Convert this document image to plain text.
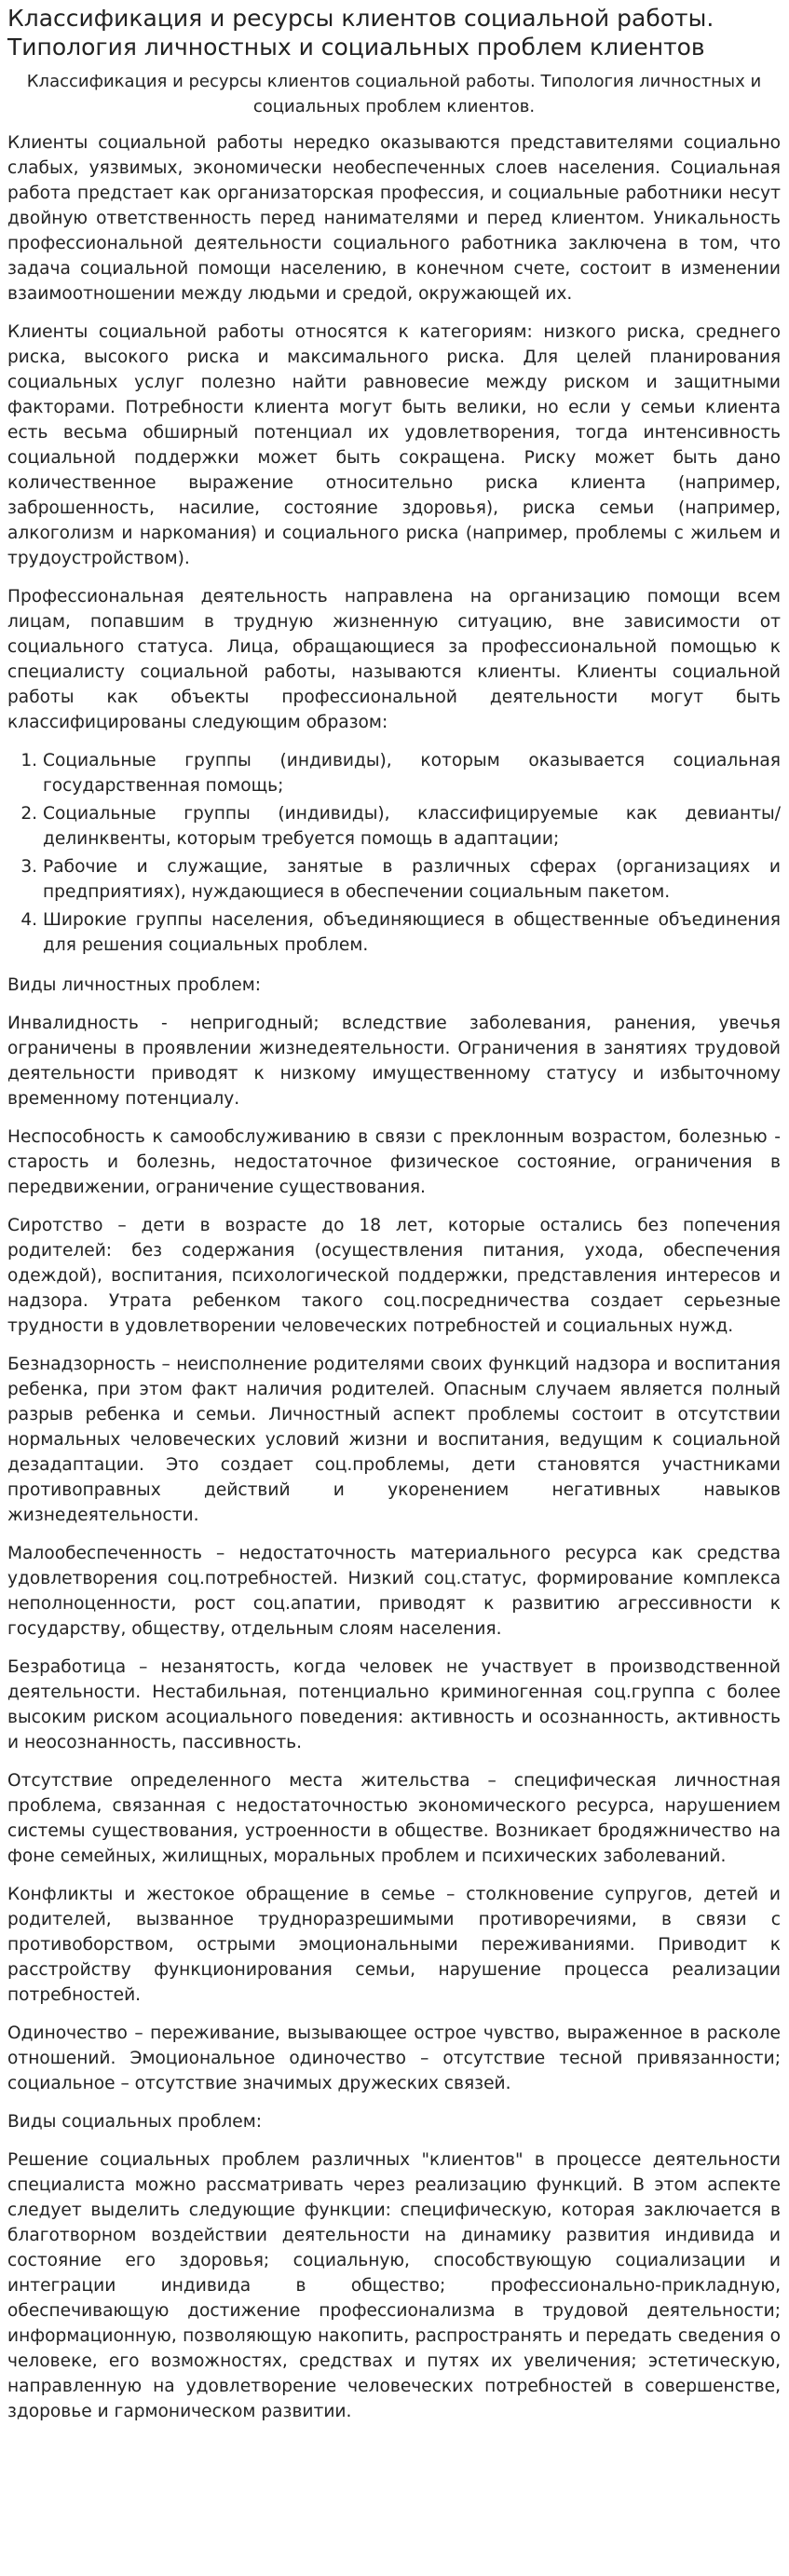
Классификация и ресурсы клиентов социальной работы. Типология личностных и социальных проблем клиентов
Классификация и ресурсы клиентов социальной работы. Типология личностных и социальных проблем клиентов.

Клиенты социальной работы нередко оказываются представителями социально слабых, уязвимых, экономически необеспеченных слоев населения. Социальная работа предстает как организаторская профессия, и социальные работники несут двойную ответственность перед нанимателями и перед клиентом. Уникальность профессиональной деятельности социального работника заключена в том, что задача социальной помощи населению, в конечном счете, состоит в изменении взаимоотношении между людьми и средой, окружающей их.

Клиенты социальной работы относятся к категориям: низкого риска, среднего риска, высокого риска и максимального риска. Для целей планирования социальных услуг полезно найти равновесие между риском и защитными факторами. Потребности клиента могут быть велики, но если у семьи клиента есть весьма обширный потенциал их удовлетворения, тогда интенсивность социальной поддержки может быть сокращена. Риску может быть дано количественное выражение относительно риска клиента (например, заброшенность, насилие, состояние здоровья), риска семьи (например, алкоголизм и наркомания) и социального риска (например, проблемы с жильем и трудоустройством).

Профессиональная деятельность направлена на организацию помощи всем лицам, попавшим в трудную жизненную ситуацию, вне зависимости от социального статуса. Лица, обращающиеся за профессиональной помощью к специалисту социальной работы, называются клиенты. Клиенты социальной работы как объекты профессиональной деятельности могут быть классифицированы следующим образом:

1. Социальные группы (индивиды), которым оказывается социальная государственная помощь;
2. Социальные группы (индивиды), классифицируемые как девианты/делинквенты, которым требуется помощь в адаптации;
3. Рабочие и служащие, занятые в различных сферах (организациях и предприятиях), нуждающиеся в обеспечении социальным пакетом.
4. Широкие группы населения, объединяющиеся в общественные объединения для решения социальных проблем.

Виды личностных проблем:

Инвалидность - непригодный; вследствие заболевания, ранения, увечья ограничены в проявлении жизнедеятельности. Ограничения в занятиях трудовой деятельности приводят к низкому имущественному статусу и избыточному временному потенциалу.

Неспособность к самообслуживанию в связи с преклонным возрастом, болезнью - старость и болезнь, недостаточное физическое состояние, ограничения в передвижении, ограничение существования.

Сиротство – дети в возрасте до 18 лет, которые остались без попечения родителей: без содержания (осуществления питания, ухода, обеспечения одеждой), воспитания, психологической поддержки, представления интересов и надзора. Утрата ребенком такого соц.посредничества создает серьезные трудности в удовлетворении человеческих потребностей и социальных нужд.

Безнадзорность – неисполнение родителями своих функций надзора и воспитания ребенка, при этом факт наличия родителей. Опасным случаем является полный разрыв ребенка и семьи. Личностный аспект проблемы состоит в отсутствии нормальных человеческих условий жизни и воспитания, ведущим к социальной дезадаптации. Это создает соц.проблемы, дети становятся участниками противоправных действий и укоренением негативных навыков жизнедеятельности.

Малообеспеченность – недостаточность материального ресурса как средства удовлетворения соц.потребностей. Низкий соц.статус, формирование комплекса неполноценности, рост соц.апатии, приводят к развитию агрессивности к государству, обществу, отдельным слоям населения.

Безработица – незанятость, когда человек не участвует в производственной деятельности. Нестабильная, потенциально криминогенная соц.группа с более высоким риском асоциального поведения: активность и осознанность, активность и неосознанность, пассивность.

Отсутствие определенного места жительства – специфическая личностная проблема, связанная с недостаточностью экономического ресурса, нарушением системы существования, устроенности в обществе. Возникает бродяжничество на фоне семейных, жилищных, моральных проблем и психических заболеваний.

Конфликты и жестокое обращение в семье – столкновение супругов, детей и родителей, вызванное трудноразрешимыми противоречиями, в связи с противоборством, острыми эмоциональными переживаниями. Приводит к расстройству функционирования семьи, нарушение процесса реализации потребностей.

Одиночество – переживание, вызывающее острое чувство, выраженное в расколе отношений. Эмоциональное одиночество – отсутствие тесной привязанности; социальное – отсутствие значимых дружеских связей.

Виды социальных проблем:

Решение социальных проблем различных "клиентов" в процессе деятельности специалиста можно рассматривать через реализацию функций. В этом аспекте следует выделить следующие функции: специфическую, которая заключается в благотворном воздействии деятельности на динамику развития индивида и состояние его здоровья; социальную, способствующую социализации и интеграции индивида в общество; профессионально-прикладную, обеспечивающую достижение профессионализма в трудовой деятельности; информационную, позволяющую накопить, распространять и передать сведения о человеке, его возможностях, средствах и путях их увеличения; эстетическую, направленную на удовлетворение человеческих потребностей в совершенстве, здоровье и гармоническом развитии.
